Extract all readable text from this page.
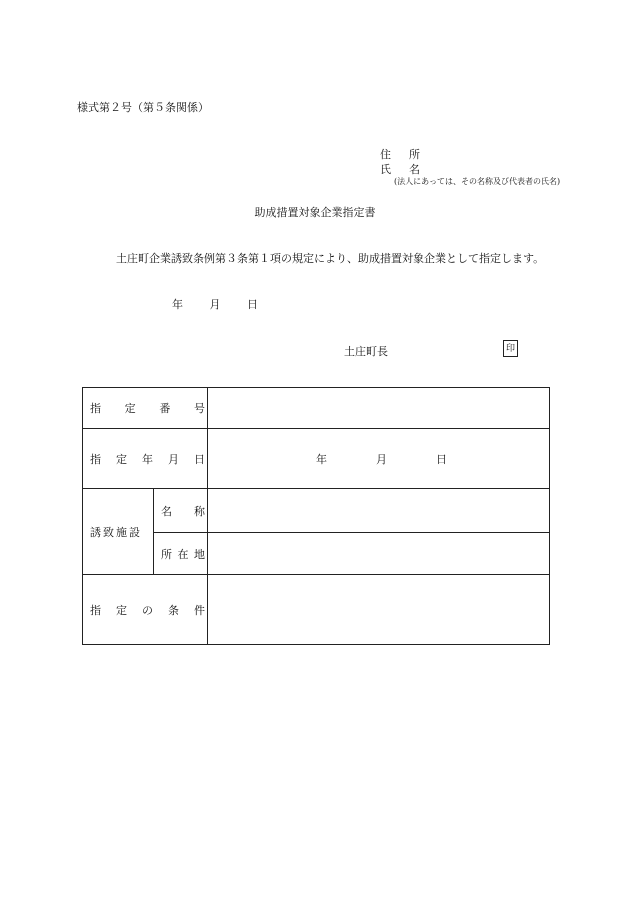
様式第２号（第５条関係）
住所
氏名
(法人にあっては、その名称及び代表者の氏名)
助成措置対象企業指定書
土庄町企業誘致条例第３条第１項の規定により、助成措置対象企業として指定します。
年 月 日
土庄町長	印
指 定 番 号		

指 定 年 月 日		年 月 日

誘致施設	名 称	

	所 在 地	

指 定 の 条 件		
